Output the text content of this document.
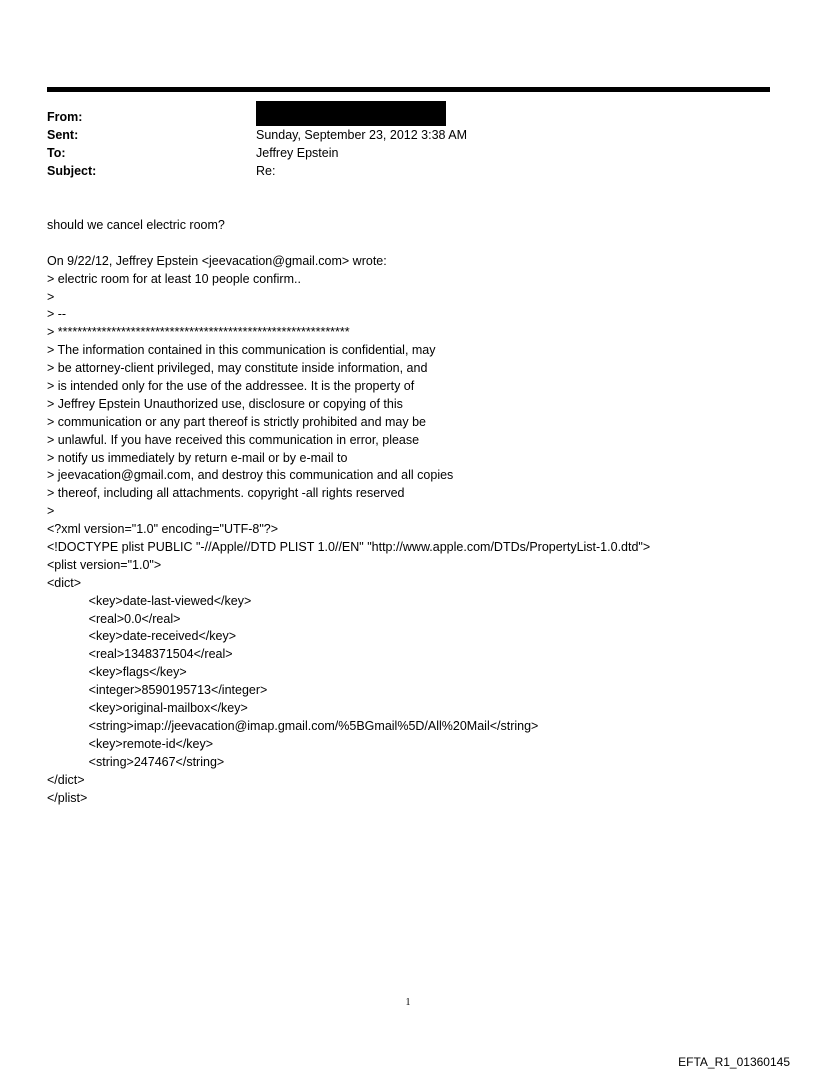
From:
Sent:	Sunday, September 23, 2012 3:38 AM
To:	Jeffrey Epstein
Subject:	Re:
should we cancel electric room?
On 9/22/12, Jeffrey Epstein <jeevacation@gmail.com> wrote:
> electric room for at least 10 people confirm..
>
> --
> ************************************************************
> The information contained in this communication is confidential, may
> be attorney-client privileged, may constitute inside information, and
> is intended only for the use of the addressee. It is the property of
> Jeffrey Epstein Unauthorized use, disclosure or copying of this
> communication or any part thereof is strictly prohibited and may be
> unlawful. If you have received this communication in error, please
> notify us immediately by return e-mail or by e-mail to
> jeevacation@gmail.com, and destroy this communication and all copies
> thereof, including all attachments. copyright -all rights reserved
>
<?xml version="1.0" encoding="UTF-8"?>
<!DOCTYPE plist PUBLIC "-//Apple//DTD PLIST 1.0//EN" "http://www.apple.com/DTDs/PropertyList-1.0.dtd">
<plist version="1.0">
<dict>
<key>date-last-viewed</key>
<real>0.0</real>
<key>date-received</key>
<real>1348371504</real>
<key>flags</key>
<integer>8590195713</integer>
<key>original-mailbox</key>
<string>imap://jeevacation@imap.gmail.com/%5BGmail%5D/All%20Mail</string>
<key>remote-id</key>
<string>247467</string>
</dict>
</plist>
1
EFTA_R1_01360145
